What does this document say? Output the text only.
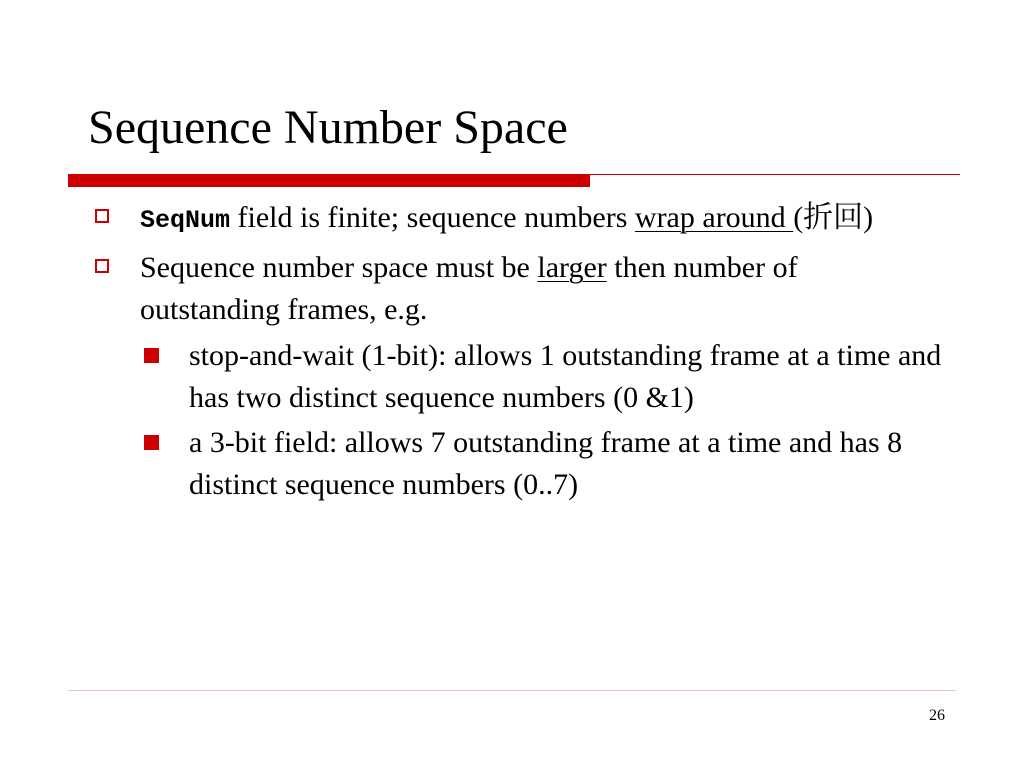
Sequence Number Space
SeqNum field is finite; sequence numbers wrap around (折回)
Sequence number space must be larger then number of outstanding frames, e.g.
stop-and-wait (1-bit): allows 1 outstanding frame at a time and has two distinct sequence numbers (0 &1)
a 3-bit field: allows 7 outstanding frame at a time and has 8 distinct sequence numbers (0..7)
26
